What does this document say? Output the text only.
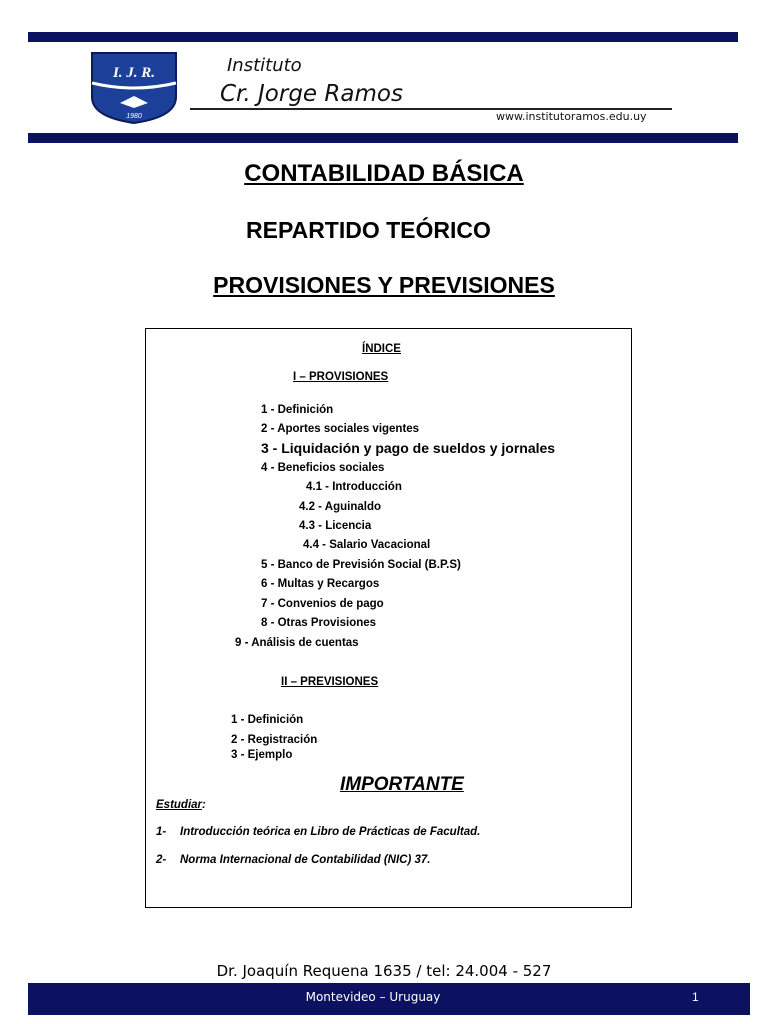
I. J. R.
1980
Instituto
Cr. Jorge Ramos
www.institutoramos.edu.uy
CONTABILIDAD BÁSICA
REPARTIDO TEÓRICO
PROVISIONES Y PREVISIONES
ÍNDICE
I – PROVISIONES
1 - Definición
2 - Aportes sociales vigentes
3 - Liquidación y pago de sueldos y jornales
4 - Beneficios sociales
4.1 - Introducción
4.2 - Aguinaldo
4.3 - Licencia
4.4 - Salario Vacacional
5 - Banco de Previsión Social (B.P.S)
6 - Multas y Recargos
7 - Convenios de pago
8 - Otras Provisiones
9 - Análisis de cuentas
II – PREVISIONES
1 - Definición
2 - Registración
3 - Ejemplo
IMPORTANTE
Estudiar:
1- Introducción teórica en Libro de Prácticas de Facultad.
2- Norma Internacional de Contabilidad (NIC) 37.
Dr. Joaquín Requena 1635 / tel: 24.004 - 527
Montevideo – Uruguay	1
